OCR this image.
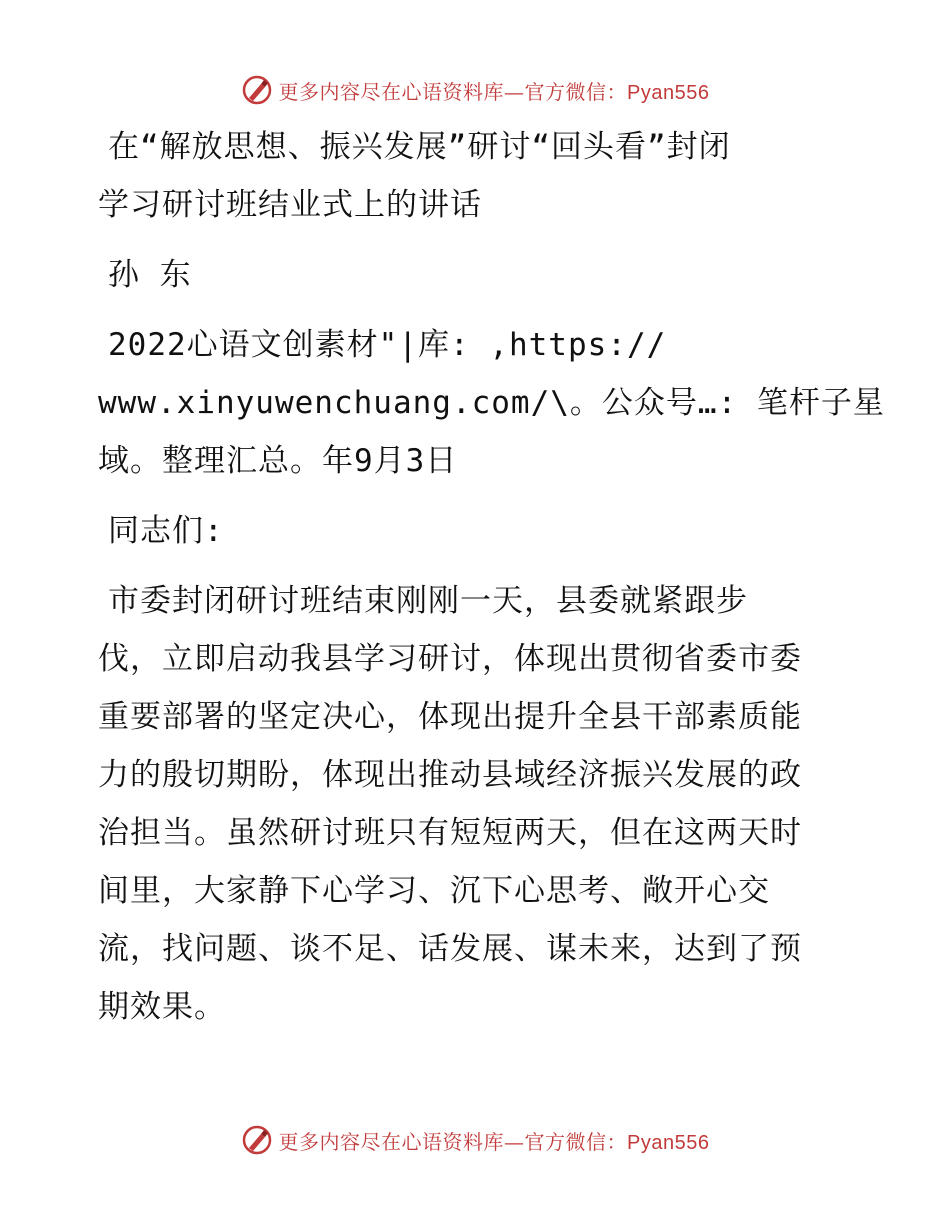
更多内容尽在心语资料库—官方微信：Pyan556
在“解放思想、振兴发展”研讨“回头看”封闭
学习研讨班结业式上的讲话
孙 东
2022心语文创素材"|库: ,https://
www.xinyuwenchuang.com/\。公众号…: 笔杆子星
域。整理汇总。年9月3日
同志们:
市委封闭研讨班结束刚刚一天，县委就紧跟步
伐，立即启动我县学习研讨，体现出贯彻省委市委
重要部署的坚定决心，体现出提升全县干部素质能
力的殷切期盼，体现出推动县域经济振兴发展的政
治担当。虽然研讨班只有短短两天，但在这两天时
间里，大家静下心学习、沉下心思考、敞开心交
流，找问题、谈不足、话发展、谋未来，达到了预
期效果。
更多内容尽在心语资料库—官方微信：Pyan556
